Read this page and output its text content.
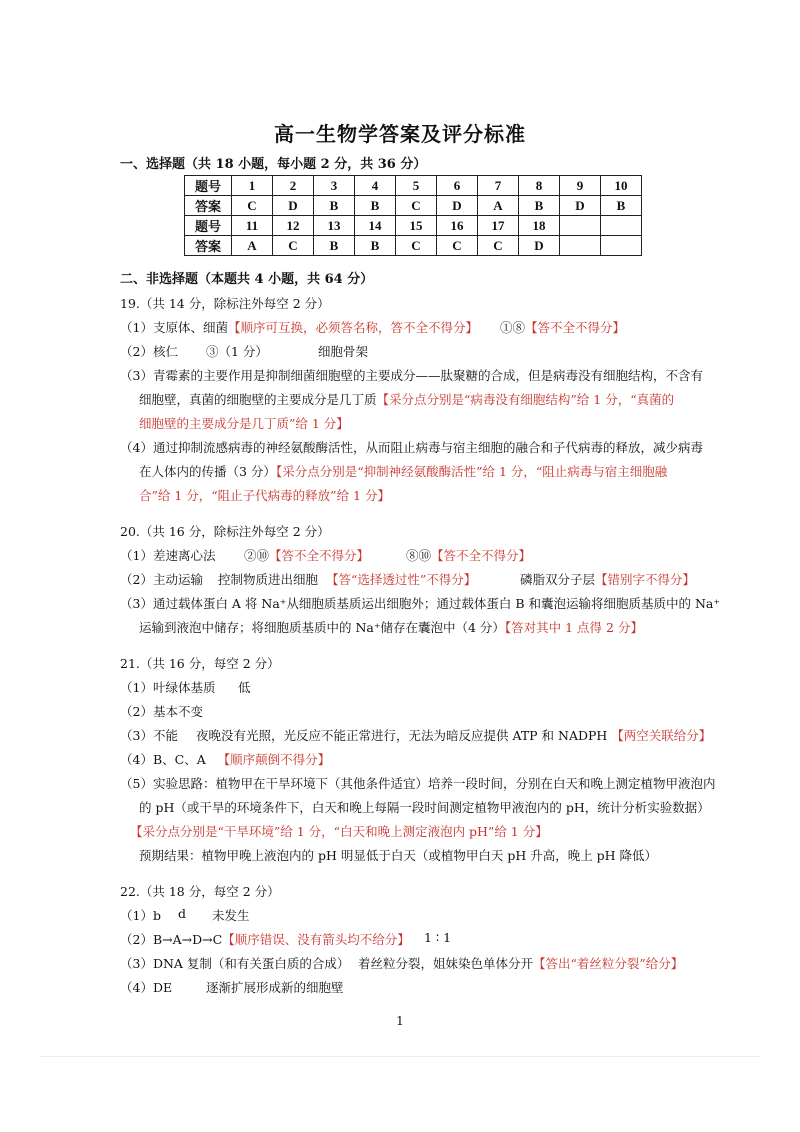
高一生物学答案及评分标准
一、选择题（共 18 小题，每小题 2 分，共 36 分）
题号	1	2	3	4	5	6	7	8	9	10
答案	C	D	B	B	C	D	A	B	D	B
题号	11	12	13	14	15	16	17	18		
答案	A	C	B	B	C	C	C	D		
二、非选择题（本题共 4 小题，共 64 分）
19.（共 14 分，除标注外每空 2 分）
（1）支原体、细菌【顺序可互换，必须答名称，答不全不得分】 ①⑧【答不全不得分】
（2）核仁 ③（1 分）	细胞骨架
（3）青霉素的主要作用是抑制细菌细胞壁的主要成分——肽聚糖的合成，但是病毒没有细胞结构，不含有
细胞壁，真菌的细胞壁的主要成分是几丁质【采分点分别是“病毒没有细胞结构”给 1 分，“真菌的
细胞壁的主要成分是几丁质”给 1 分】
（4）通过抑制流感病毒的神经氨酸酶活性，从而阻止病毒与宿主细胞的融合和子代病毒的释放，减少病毒
在人体内的传播（3 分）【采分点分别是“抑制神经氨酸酶活性”给 1 分，“阻止病毒与宿主细胞融
合”给 1 分，“阻止子代病毒的释放”给 1 分】
20.（共 16 分，除标注外每空 2 分）
（1）差速离心法 ②⑩【答不全不得分】	⑧⑩【答不全不得分】
（2）主动运输 控制物质进出细胞 【答“选择透过性”不得分】	磷脂双分子层【错别字不得分】
（3）通过载体蛋白 A 将 Na⁺从细胞质基质运出细胞外；通过载体蛋白 B 和囊泡运输将细胞质基质中的 Na⁺
运输到液泡中储存；将细胞质基质中的 Na⁺储存在囊泡中（4 分）【答对其中 1 点得 2 分】
21.（共 16 分，每空 2 分）
（1）叶绿体基质 低
（2）基本不变
（3）不能 夜晚没有光照，光反应不能正常进行，无法为暗反应提供 ATP 和 NADPH 【两空关联给分】
（4）B、C、A 【顺序颠倒不得分】
（5）实验思路：植物甲在干旱环境下（其他条件适宜）培养一段时间，分别在白天和晚上测定植物甲液泡内
的 pH（或干旱的环境条件下，白天和晚上每隔一段时间测定植物甲液泡内的 pH，统计分析实验数据）
【采分点分别是“干旱环境”给 1 分，“白天和晚上测定液泡内 pH”给 1 分】
预期结果：植物甲晚上液泡内的 pH 明显低于白天（或植物甲白天 pH 升高，晚上 pH 降低）
22.（共 18 分，每空 2 分）
（1）b d 未发生
（2）B→A→D→C【顺序错误、没有箭头均不给分】 1 ∶ 1
（3）DNA 复制（和有关蛋白质的合成） 着丝粒分裂，姐妹染色单体分开【答出“着丝粒分裂”给分】
（4）DE	逐渐扩展形成新的细胞壁
1
